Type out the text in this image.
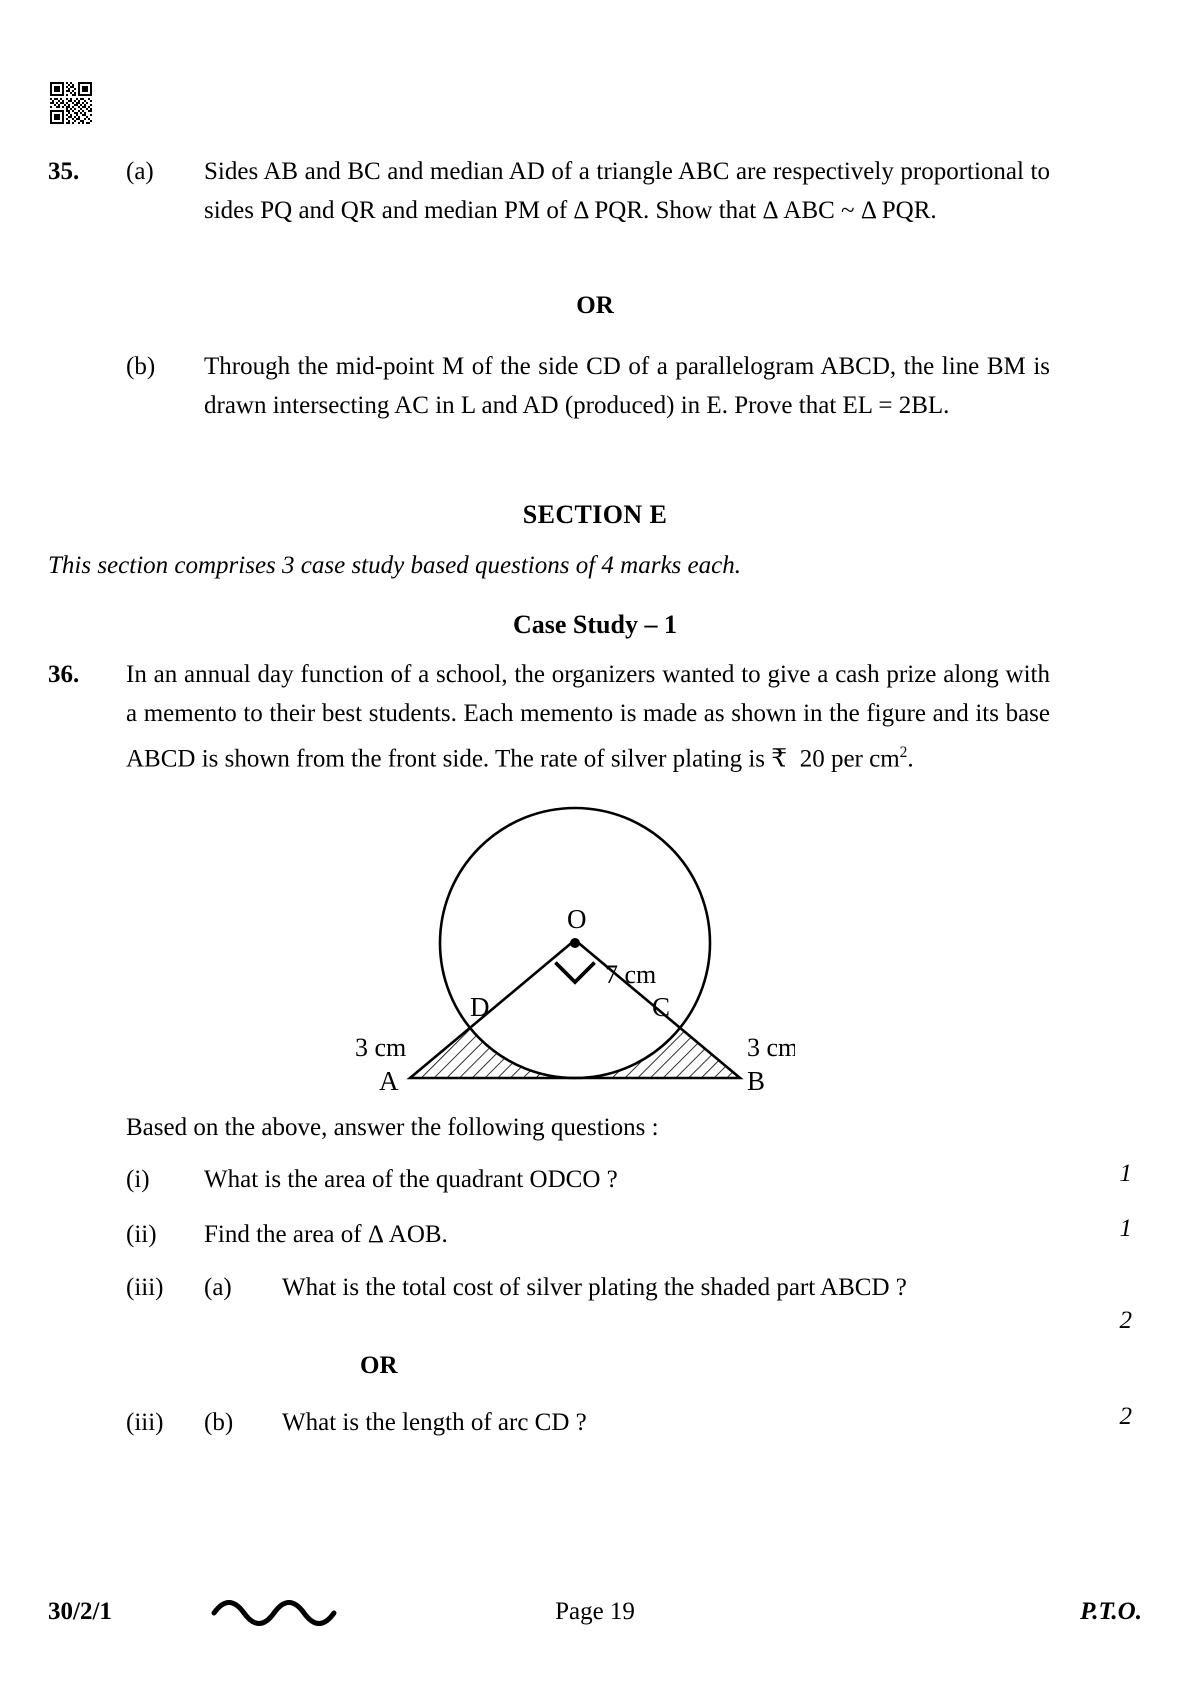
35.	(a)	Sides AB and BC and median AD of a triangle ABC are respectively proportional to sides PQ and QR and median PM of Δ PQR. Show that Δ ABC ~ Δ PQR.
OR
(b)	Through the mid-point M of the side CD of a parallelogram ABCD, the line BM is drawn intersecting AC in L and AD (produced) in E. Prove that EL = 2BL.
SECTION E
This section comprises 3 case study based questions of 4 marks each.
Case Study – 1
36.	In an annual day function of a school, the organizers wanted to give a cash prize along with a memento to their best students. Each memento is made as shown in the figure and its base ABCD is shown from the front side. The rate of silver plating is ₹ 20 per $cm^2$.
O
7 cm
D	C
3 cm	3 cm
A	B
Based on the above, answer the following questions :
(i)	What is the area of the quadrant ODCO ?	1
(ii)	Find the area of Δ AOB.	1
(iii)	(a)	What is the total cost of silver plating the shaded part ABCD ?
2
OR
(iii)	(b)	What is the length of arc CD ?	2
30/2/1	Page 19	P.T.O.
